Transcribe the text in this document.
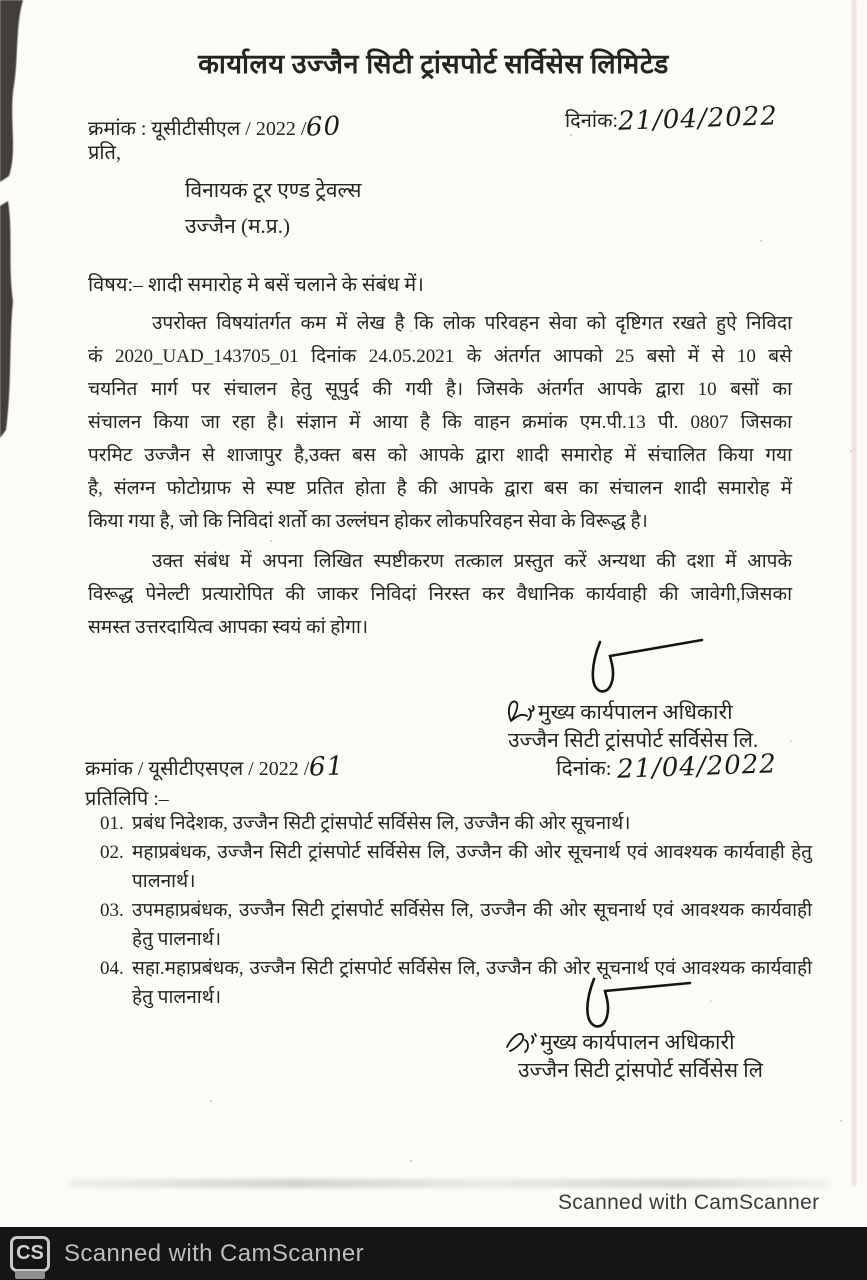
कार्यालय उज्जैन सिटी ट्रांसपोर्ट सर्विसेस लिमिटेड
क्रमांक : यूसीटीसीएल / 2022 /60	दिनांक:21/04/2022
प्रति,
विनायक टूर एण्ड ट्रेवल्स
उज्जैन (म.प्र.)
विषय:– शादी समारोह मे बसें चलाने के संबंध में।
उपरोक्त विषयांतर्गत कम में लेख है कि लोक परिवहन सेवा को दृष्टिगत रखते हुऐ निविदा
कं 2020_UAD_143705_01 दिनांक 24.05.2021 के अंतर्गत आपको 25 बसो में से 10 बसे
चयनित मार्ग पर संचालन हेतु सूपुर्द की गयी है। जिसके अंतर्गत आपके द्वारा 10 बसों का
संचालन किया जा रहा है। संज्ञान में आया है कि वाहन क्रमांक एम.पी.13 पी. 0807 जिसका
परमिट उज्जैन से शाजापुर है,उक्त बस को आपके द्वारा शादी समारोह में संचालित किया गया
है, संलग्न फोटोग्राफ से स्पष्ट प्रतित होता है की आपके द्वारा बस का संचालन शादी समारोह में
किया गया है, जो कि निविदां शर्तो का उल्लंघन होकर लोकपरिवहन सेवा के विरूद्ध है।
उक्त संबंध में अपना लिखित स्पष्टीकरण तत्काल प्रस्तुत करें अन्यथा की दशा में आपके
विरूद्ध पेनेल्टी प्रत्यारोपित की जाकर निविदां निरस्त कर वैधानिक कार्यवाही की जावेगी,जिसका
समस्त उत्तरदायित्व आपका स्वयं कां होगा।
मुख्य कार्यपालन अधिकारी
उज्जैन सिटी ट्रांसपोर्ट सर्विसेस लि.
दिनांक: 21/04/2022
क्रमांक / यूसीटीएसएल / 2022 /61
प्रतिलिपि :–
01. प्रबंध निदेशक, उज्जैन सिटी ट्रांसपोर्ट सर्विसेस लि, उज्जैन की ओर सूचनार्थ।
02. महाप्रबंधक, उज्जैन सिटी ट्रांसपोर्ट सर्विसेस लि, उज्जैन की ओर सूचनार्थ एवं आवश्यक कार्यवाही हेतु पालनार्थ।
03. उपमहाप्रबंधक, उज्जैन सिटी ट्रांसपोर्ट सर्विसेस लि, उज्जैन की ओर सूचनार्थ एवं आवश्यक कार्यवाही हेतु पालनार्थ।
04. सहा.महाप्रबंधक, उज्जैन सिटी ट्रांसपोर्ट सर्विसेस लि, उज्जैन की ओर सूचनार्थ एवं आवश्यक कार्यवाही हेतु पालनार्थ।
मुख्य कार्यपालन अधिकारी
उज्जैन सिटी ट्रांसपोर्ट सर्विसेस लि
Scanned with CamScanner
CS Scanned with CamScanner
